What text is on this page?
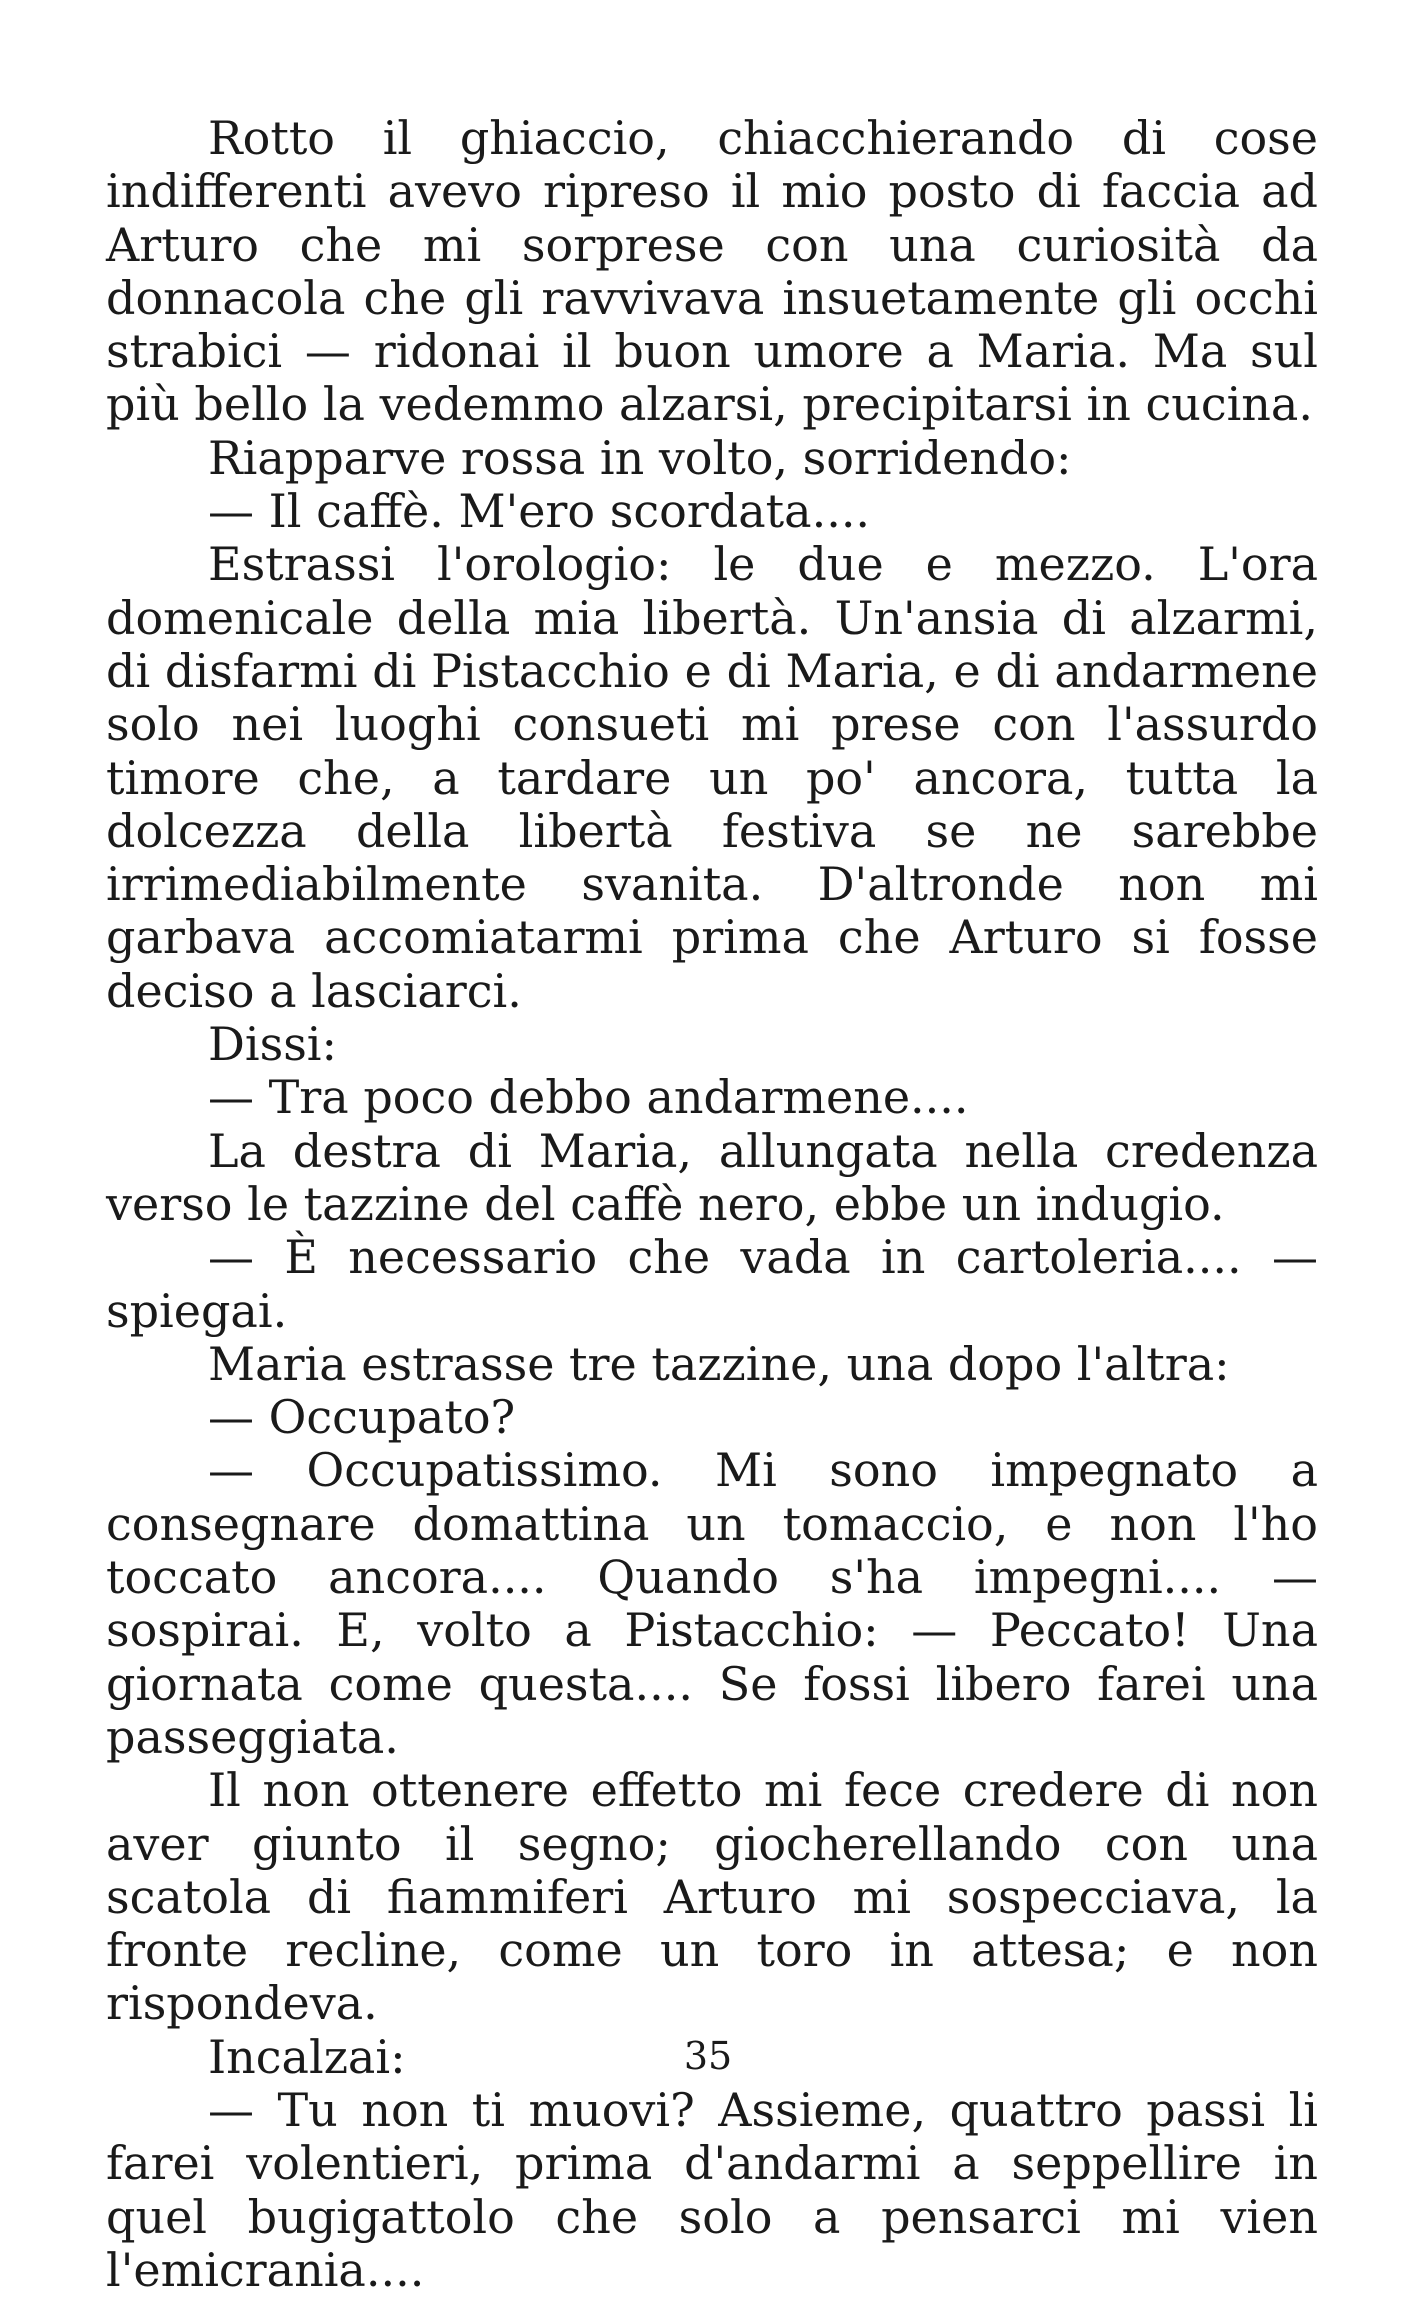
Rotto il ghiaccio, chiacchierando di cose indifferenti avevo ripreso il mio posto di faccia ad Arturo che mi sorprese con una curiosità da donnacola che gli ravvivava insuetamente gli occhi strabici — ridonai il buon umore a Maria. Ma sul più bello la vedemmo alzarsi, precipitarsi in cucina.

Riapparve rossa in volto, sorridendo:

— Il caffè. M'ero scordata....

Estrassi l'orologio: le due e mezzo. L'ora domenicale della mia libertà. Un'ansia di alzarmi, di disfarmi di Pistacchio e di Maria, e di andarmene solo nei luoghi consueti mi prese con l'assurdo timore che, a tardare un po' ancora, tutta la dolcezza della libertà festiva se ne sarebbe irrimediabilmente svanita. D'altronde non mi garbava accomiatarmi prima che Arturo si fosse deciso a lasciarci.

Dissi:

— Tra poco debbo andarmene....

La destra di Maria, allungata nella credenza verso le tazzine del caffè nero, ebbe un indugio.

— È necessario che vada in cartoleria.... — spiegai.

Maria estrasse tre tazzine, una dopo l'altra:

— Occupato?

— Occupatissimo. Mi sono impegnato a consegnare domattina un tomaccio, e non l'ho toccato ancora.... Quando s'ha impegni.... — sospirai. E, volto a Pistacchio: — Peccato! Una giornata come questa.... Se fossi libero farei una passeggiata.

Il non ottenere effetto mi fece credere di non aver giunto il segno; giocherellando con una scatola di fiammiferi Arturo mi sospecciava, la fronte recline, come un toro in attesa; e non rispondeva.

Incalzai:

— Tu non ti muovi? Assieme, quattro passi li farei volentieri, prima d'andarmi a seppellire in quel bugigattolo che solo a pensarci mi vien l'emicrania....

35
